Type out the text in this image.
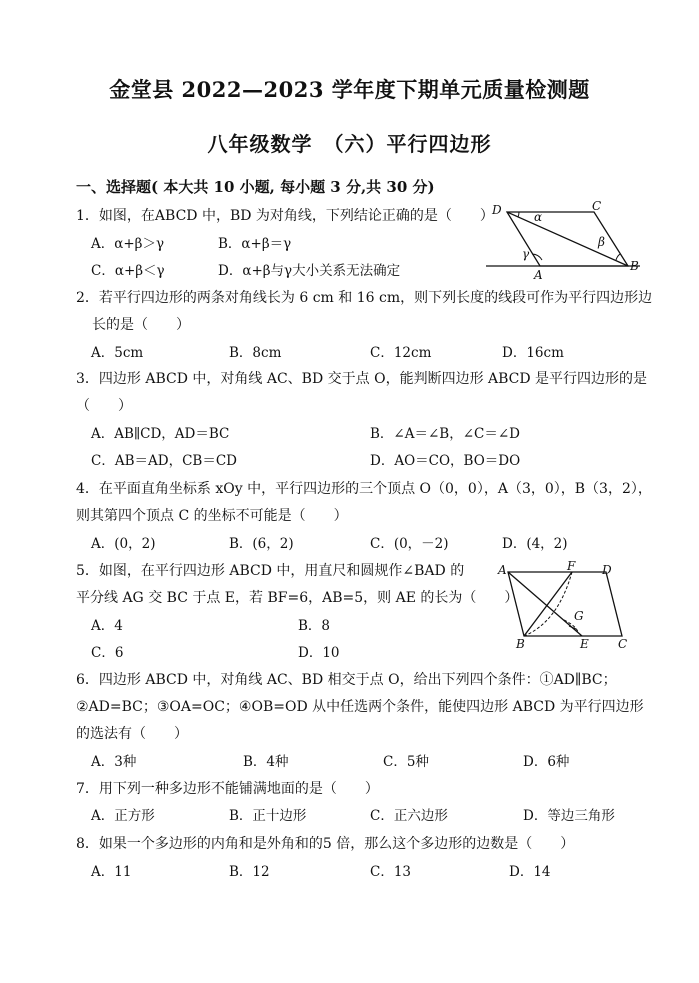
金堂县 2022—2023 学年度下期单元质量检测题
八年级数学　（六）平行四边形
一、选择题( 本大共 10 小题, 每小题 3 分,共 30 分)
1．如图，在ABCD 中，BD 为对角线，下列结论正确的是（　　）
A．α+β＞γ	B．α+β＝γ
C．α+β＜γ	D．α+β与γ大小关系无法确定
D	C
A
B
α
β
γ
2．若平行四边形的两条对角线长为 6 cm 和 16 cm，则下列长度的线段可作为平行四边形边
长的是（　　）
A．5cm	B．8cm	C．12cm	D．16cm
3．四边形 ABCD 中，对角线 AC、BD 交于点 O，能判断四边形 ABCD 是平行四边形的是
（　　）
A．AB∥CD，AD＝BC	B．∠A＝∠B，∠C＝∠D
C．AB＝AD，CB＝CD	D．AO＝CO，BO＝DO
4．在平面直角坐标系 xOy 中，平行四边形的三个顶点 O（0，0），A（3，0），B（3，2），
则其第四个顶点 C 的坐标不可能是（　　）
A．(0，2)	B．(6，2)	C．(0，－2)	D．(4，2)
5．如图，在平行四边形 ABCD 中，用直尺和圆规作∠BAD 的
平分线 AG 交 BC 于点 E，若 BF=6，AB=5，则 AE 的长为（　　）
A．4	B．8
C．6	D．10
A	F D
G
B	E C
6．四边形 ABCD 中，对角线 AC、BD 相交于点 O，给出下列四个条件：①AD∥BC；
②AD=BC；③OA=OC；④OB=OD 从中任选两个条件，能使四边形 ABCD 为平行四边形
的选法有（　　）
A．3种	B．4种	C．5种	D．6种
7．用下列一种多边形不能铺满地面的是（　　）
A．正方形	B．正十边形	C．正六边形	D．等边三角形
8．如果一个多边形的内角和是外角和的5 倍，那么这个多边形的边数是（　　）
A．11	B．12	C．13	D．14
